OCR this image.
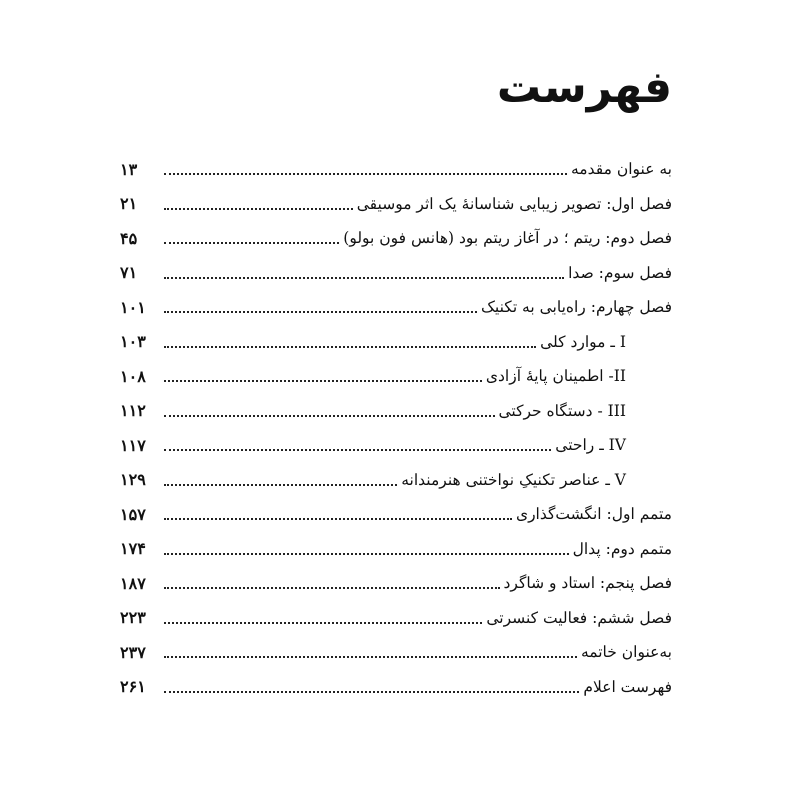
فهرست
به عنوان مقدمه
۱۳
فصل اول: تصویر زیبایی شناسانهٔ یک اثر موسیقی
۲۱
فصل دوم: ریتم ؛ در آغاز ریتم بود (هانس فون بولو)
۴۵
فصل سوم: صدا
۷۱
فصل چهارم: راه‌یابی به تکنیک
۱۰۱
I ـ موارد کلی
۱۰۳
II- اطمینان پایهٔ آزادی
۱۰۸
III - دستگاه حرکتی
۱۱۲
IV ـ راحتی
۱۱۷
V ـ عناصر تکنیکِ نواختنی هنرمندانه
۱۲۹
متمم اول: انگشت‌گذاری
۱۵۷
متمم دوم: پدال
۱۷۴
فصل پنجم: استاد و شاگرد
۱۸۷
فصل ششم: فعالیت کنسرتی
۲۲۳
به‌عنوان خاتمه
۲۳۷
فهرست اعلام
۲۶۱
